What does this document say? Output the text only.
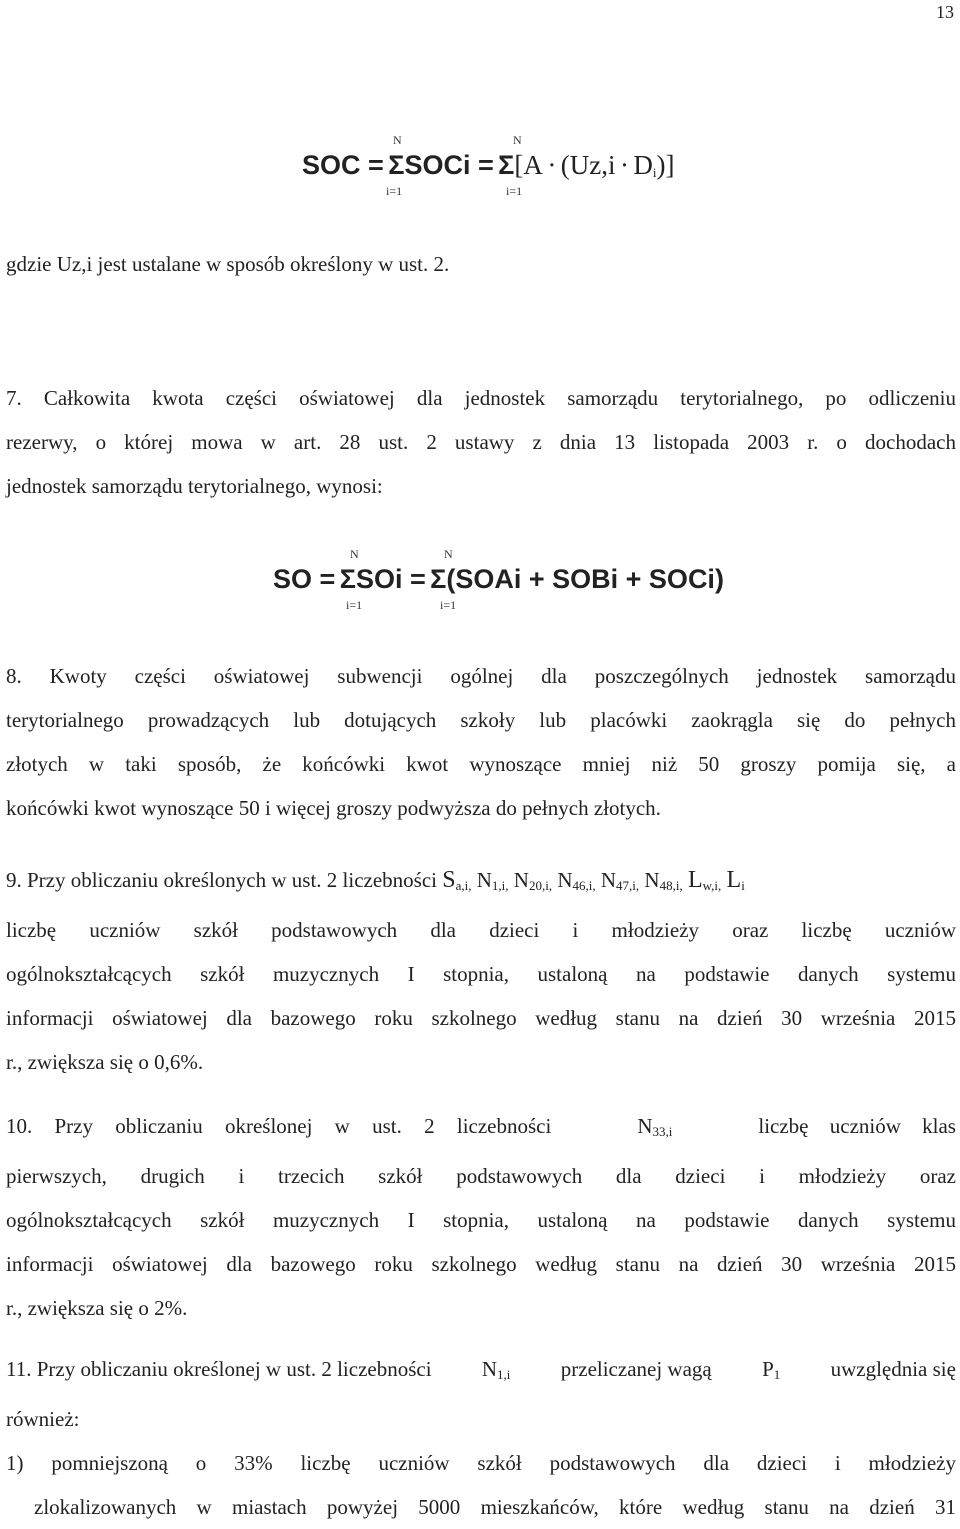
13
N
i=1
N
i=1
SOC = ΣSOCi = $\Sigma[A \cdot (Uz,i \cdot D_i)]$
gdzie Uz,i jest ustalane w sposób określony w ust. 2.
7. Całkowita kwota części oświatowej dla jednostek samorządu terytorialnego, po odliczeniu
rezerwy, o której mowa w art. 28 ust. 2 ustawy z dnia 13 listopada 2003 r. o dochodach
jednostek samorządu terytorialnego, wynosi:
N
i=1
N
i=1
SO = ΣSOi = Σ(SOAi + SOBi + SOCi)
8. Kwoty części oświatowej subwencji ogólnej dla poszczególnych jednostek samorządu
terytorialnego prowadzących lub dotujących szkoły lub placówki zaokrągla się do pełnych
złotych w taki sposób, że końcówki kwot wynoszące mniej niż 50 groszy pomija się, a
końcówki kwot wynoszące 50 i więcej groszy podwyższa do pełnych złotych.
9. Przy obliczaniu określonych w ust. 2 liczebności $S_{a,i,}$ $N_{1,i,}$ $N_{20,i,}$ $N_{46,i,}$ $N_{47,i,}$ $N_{48,i,}$ $L_{w,i,}$ $L_i$
liczbę uczniów szkół podstawowych dla dzieci i młodzieży oraz liczbę uczniów
ogólnokształcących szkół muzycznych I stopnia, ustaloną na podstawie danych systemu
informacji oświatowej dla bazowego roku szkolnego według stanu na dzień 30 września 2015
r., zwiększa się o 0,6%.
10. Przy obliczaniu określonej w ust. 2 liczebności	$N_{33,i}$	liczbę uczniów klas
pierwszych, drugich i trzecich szkół podstawowych dla dzieci i młodzieży oraz
ogólnokształcących szkół muzycznych I stopnia, ustaloną na podstawie danych systemu
informacji oświatowej dla bazowego roku szkolnego według stanu na dzień 30 września 2015
r., zwiększa się o 2%.
11. Przy obliczaniu określonej w ust. 2 liczebności $N_{1,i}$ przeliczanej wagą $P_1$ uwzględnia się
również:
1) pomniejszoną o 33% liczbę uczniów szkół podstawowych dla dzieci i młodzieży
zlokalizowanych w miastach powyżej 5000 mieszkańców, które według stanu na dzień 31
